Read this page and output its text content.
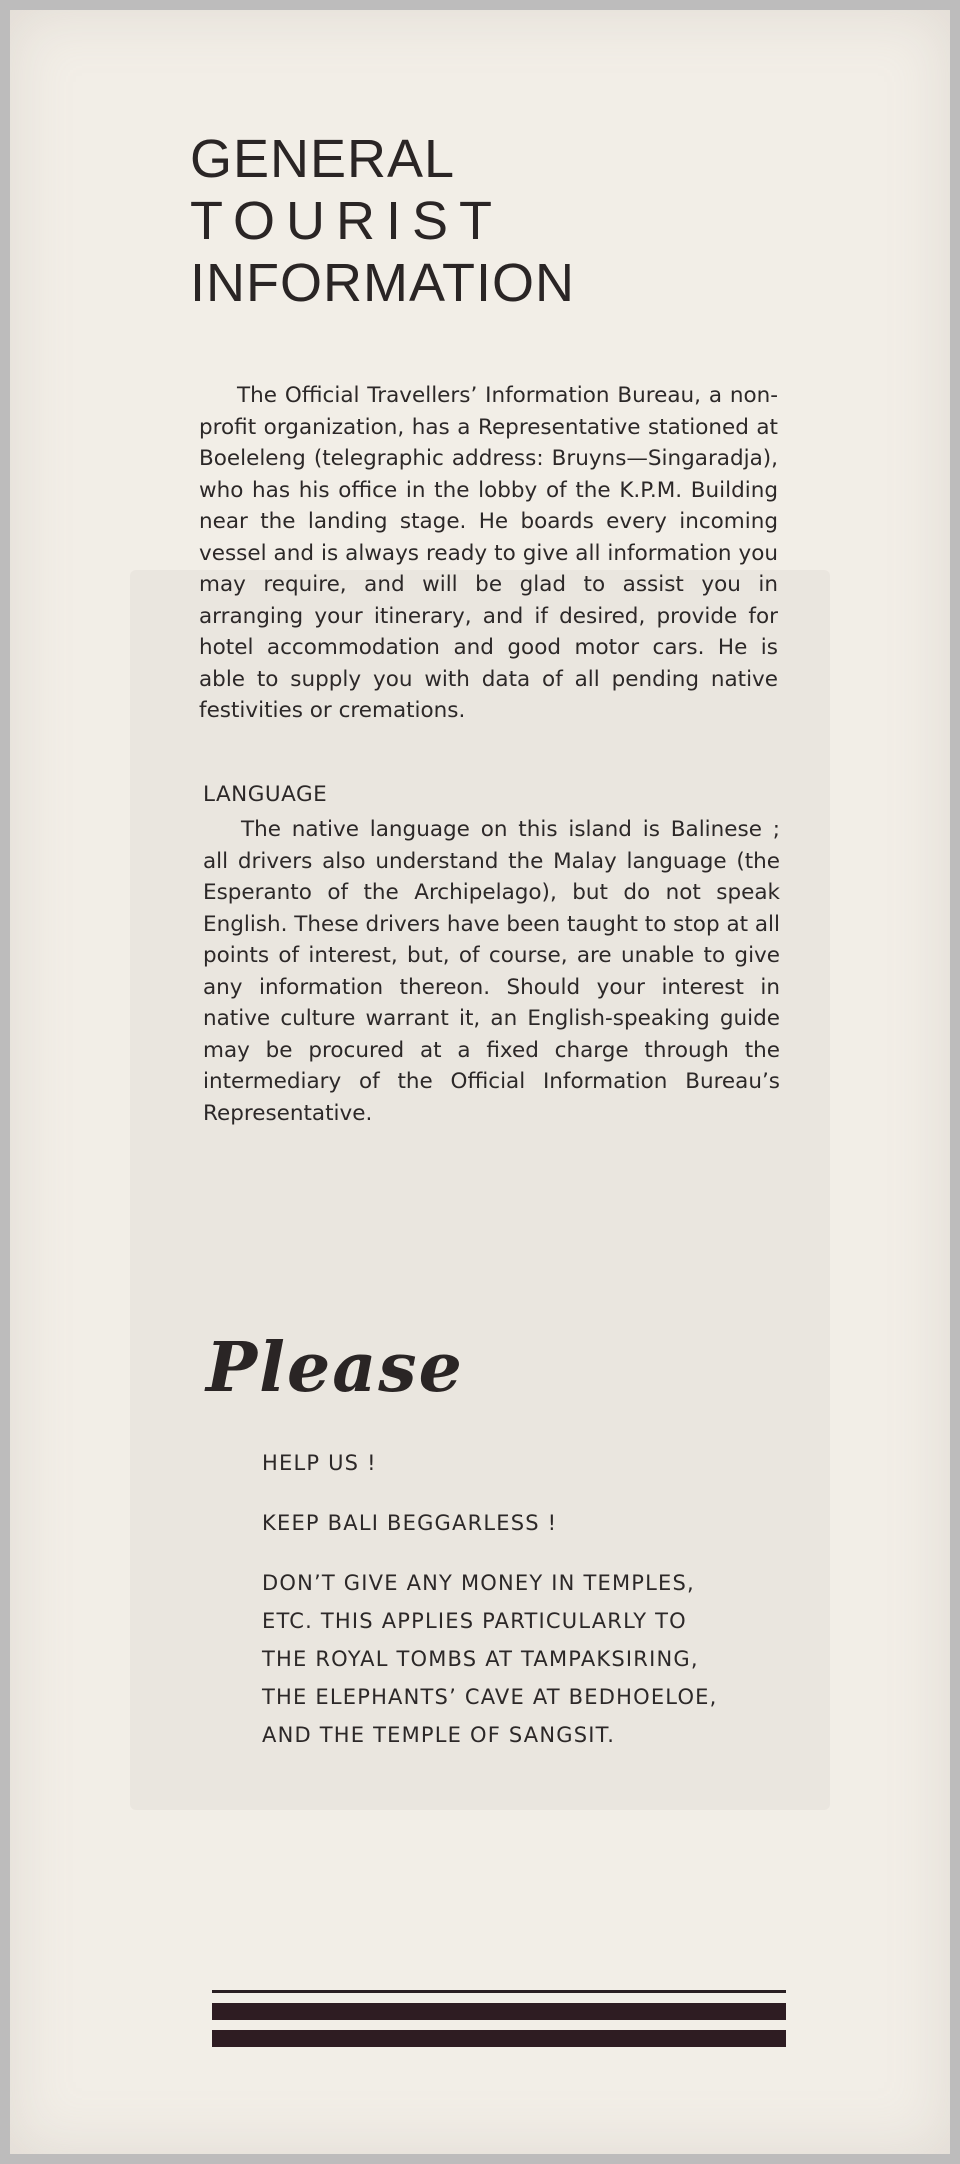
GENERAL
TOURIST
INFORMATION

The Official Travellers’ Information Bureau, a non-profit organization, has a Representative stationed at Boeleleng (telegraphic address: Bruyns—Singaradja), who has his office in the lobby of the K.P.M. Building near the landing stage. He boards every incoming vessel and is always ready to give all information you may require, and will be glad to assist you in arranging your itinerary, and if desired, provide for hotel accommodation and good motor cars. He is able to supply you with data of all pending native festivities or cremations.

LANGUAGE

The native language on this island is Balinese ; all drivers also understand the Malay language (the Esperanto of the Archipelago), but do not speak English. These drivers have been taught to stop at all points of interest, but, of course, are unable to give any information thereon. Should your interest in native culture warrant it, an English-speaking guide may be procured at a fixed charge through the intermediary of the Official Information Bureau’s Representative.

Please
HELP US !
KEEP BALI BEGGARLESS !
DON’T GIVE ANY MONEY IN TEMPLES,
ETC. THIS APPLIES PARTICULARLY TO
THE ROYAL TOMBS AT TAMPAKSIRING,
THE ELEPHANTS’ CAVE AT BEDHOELOE,
AND THE TEMPLE OF SANGSIT.
